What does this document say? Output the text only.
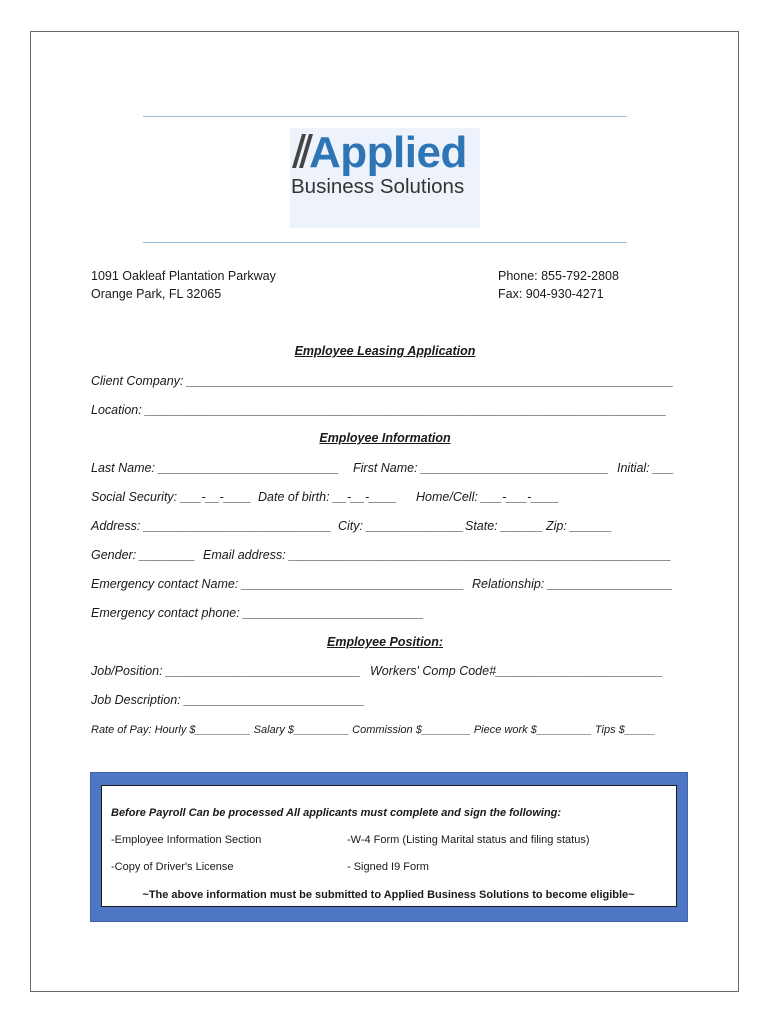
Applied
Business Solutions
1091 Oakleaf Plantation Parkway
Orange Park, FL 32065
Phone: 855-792-2808
Fax: 904-930-4271
Employee Leasing Application
Client Company: ______________________________________________________________________
Location: ___________________________________________________________________________
Employee Information
Last Name: __________________________ First Name: ___________________________ Initial: ___
Social Security: ___-__-____ Date of birth: __-__-____ Home/Cell: ___-___-____
Address: ___________________________ City: ______________ State: ______ Zip: ______
Gender: ________ Email address: _______________________________________________________
Emergency contact Name: ________________________________ Relationship: __________________
Emergency contact phone: __________________________
Employee Position:
Job/Position: ____________________________ Workers' Comp Code#________________________
Job Description: __________________________
Rate of Pay: Hourly $_________ Salary $_________ Commission $________ Piece work $_________ Tips $_____
Before Payroll Can be processed All applicants must complete and sign the following:
-Employee Information Section	-W-4 Form (Listing Marital status and filing status)
-Copy of Driver's License	- Signed I9 Form
~The above information must be submitted to Applied Business Solutions to become eligible~
